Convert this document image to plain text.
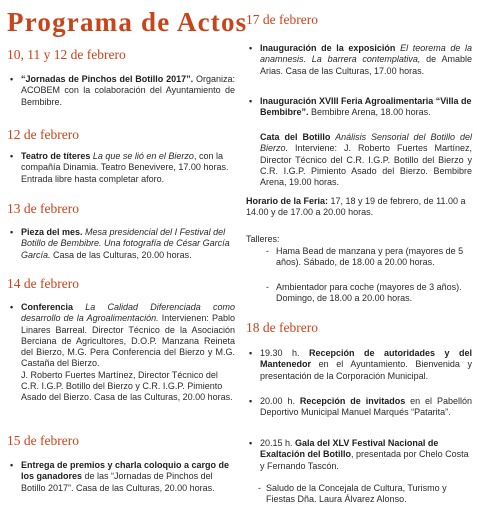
Programa de Actos

10, 11 y 12 de febrero

• “Jornadas de Pinchos del Botillo 2017”. Organiza: ACOBEM con la colaboración del Ayuntamiento de Bembibre.

12 de febrero

• Teatro de títeres La que se lió en el Bierzo, con la compañía Dinamia. Teatro Benevivere, 17.00 horas. Entrada libre hasta completar aforo.

13 de febrero

• Pieza del mes. Mesa presidencial del I Festival del Botillo de Bembibre. Una fotografía de César García García. Casa de las Culturas, 20.00 horas.

14 de febrero

• Conferencia La Calidad Diferenciada como desarrollo de la Agroalimentación. Intervienen: Pablo Linares Barreal. Director Técnico de la Asociación Berciana de Agricultores, D.O.P. Manzana Reineta del Bierzo, M.G. Pera Conferencia del Bierzo y M.G. Castaña del Bierzo.

J. Roberto Fuertes Martínez, Director Técnico del C.R. I.G.P. Botillo del Bierzo y C.R. I.G.P. Pimiento Asado del Bierzo. Casa de las Culturas, 20.00 horas.

15 de febrero

• Entrega de premios y charla coloquio a cargo de los ganadores de las “Jornadas de Pinchos del Botillo 2017”. Casa de las Culturas, 20.00 horas.

17 de febrero

• Inauguración de la exposición El teorema de la anamnesis. La barrera contemplativa, de Amable Arias. Casa de las Culturas, 17.00 horas.

• Inauguración XVIII Feria Agroalimentaria “Villa de Bembibre”. Bembibre Arena, 18.00 horas.

Cata del Botillo Análisis Sensorial del Botillo del Bierzo. Interviene: J. Roberto Fuertes Martínez, Director Técnico del C.R. I.G.P. Botillo del Bierzo y C.R. I.G.P. Pimiento Asado del Bierzo. Bembibre Arena, 19.00 horas.

Horario de la Feria: 17, 18 y 19 de febrero, de 11.00 a 14.00 y de 17.00 a 20.00 horas.

Talleres:

- Hama Bead de manzana y pera (mayores de 5 años). Sábado, de 18.00 a 20.00 horas.

- Ambientador para coche (mayores de 3 años). Domingo, de 18.00 a 20.00 horas.

18 de febrero

• 19.30 h. Recepción de autoridades y del Mantenedor en el Ayuntamiento. Bienvenida y presentación de la Corporación Municipal.

• 20.00 h. Recepción de invitados en el Pabellón Deportivo Municipal Manuel Marqués “Patarita”.

• 20.15 h. Gala del XLV Festival Nacional de Exaltación del Botillo, presentada por Chelo Costa y Fernando Tascón.

- Saludo de la Concejala de Cultura, Turismo y Fiestas Dña. Laura Álvarez Alonso.
